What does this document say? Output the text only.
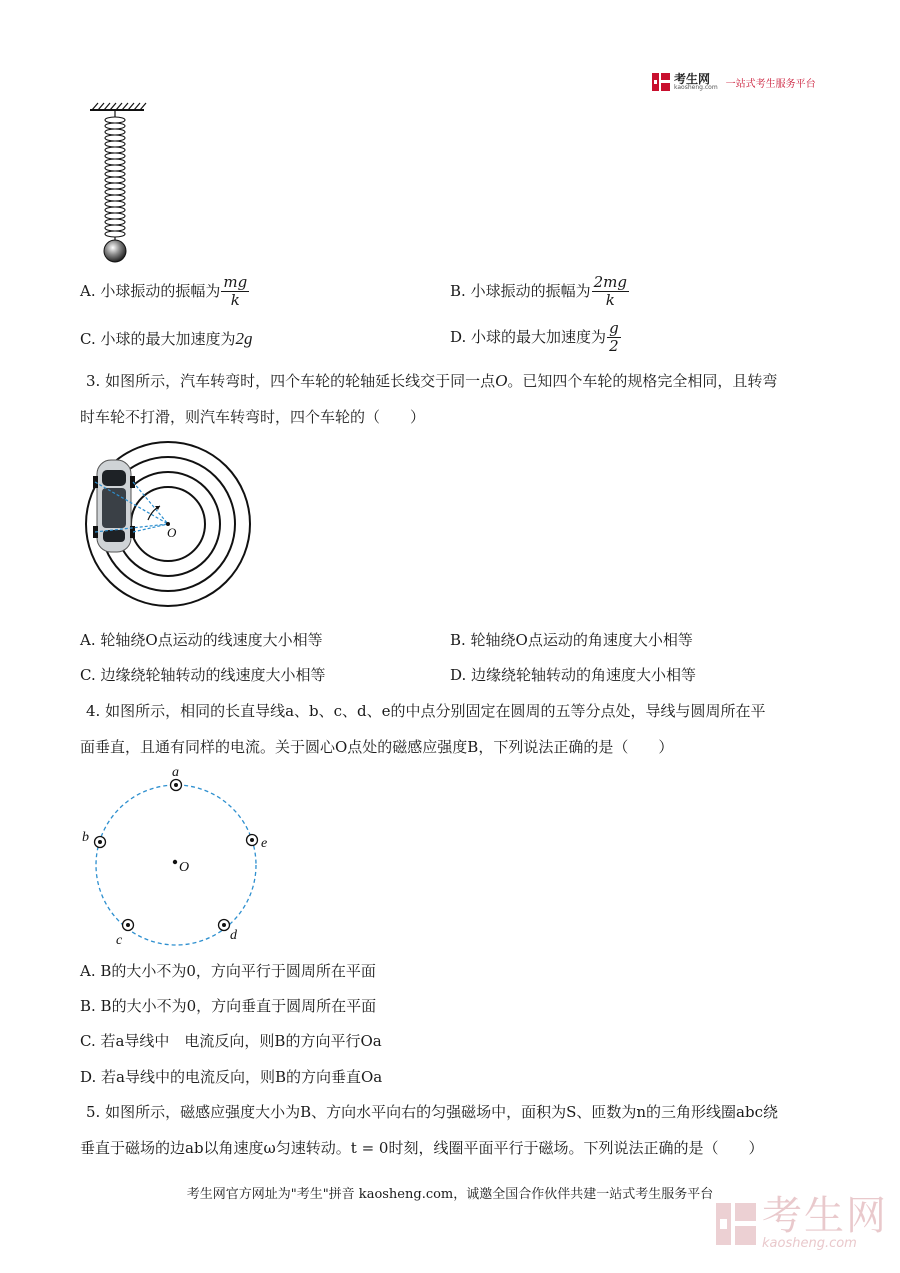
考生网
kaosheng.com 一站式考生服务平台
A. 小球振动的振幅为 $\frac{mg}{k}$	B. 小球振动的振幅为 $\frac{2mg}{k}$
C. 小球的最大加速度为2g	D. 小球的最大加速度为 $\frac{g}{2}$
3. 如图所示，汽车转弯时，四个车轮的轮轴延长线交于同一点O。已知四个车轮的规格完全相同，且转弯
时车轮不打滑，则汽车转弯时，四个车轮的（　　）
O
A. 轮轴绕O点运动的线速度大小相等	B. 轮轴绕O点运动的角速度大小相等
C. 边缘绕轮轴转动的线速度大小相等	D. 边缘绕轮轴转动的角速度大小相等
4. 如图所示，相同的长直导线a、b、c、d、e的中点分别固定在圆周的五等分点处，导线与圆周所在平
面垂直，且通有同样的电流。关于圆心O点处的磁感应强度B，下列说法正确的是（　　）
a
b
c	d
e
O
A. B的大小不为0，方向平行于圆周所在平面
B. B的大小不为0，方向垂直于圆周所在平面
C. 若a导线中　电流反向，则B的方向平行Oa
D. 若a导线中的电流反向，则B的方向垂直Oa
5. 如图所示，磁感应强度大小为B、方向水平向右的匀强磁场中，面积为S、匝数为n的三角形线圈abc绕
垂直于磁场的边ab以角速度ω匀速转动。t = 0时刻，线圈平面平行于磁场。下列说法正确的是（　　）
考生网官方网址为"考生"拼音 kaosheng.com，诚邀全国合作伙伴共建一站式考生服务平台	考生网
kaosheng.com
